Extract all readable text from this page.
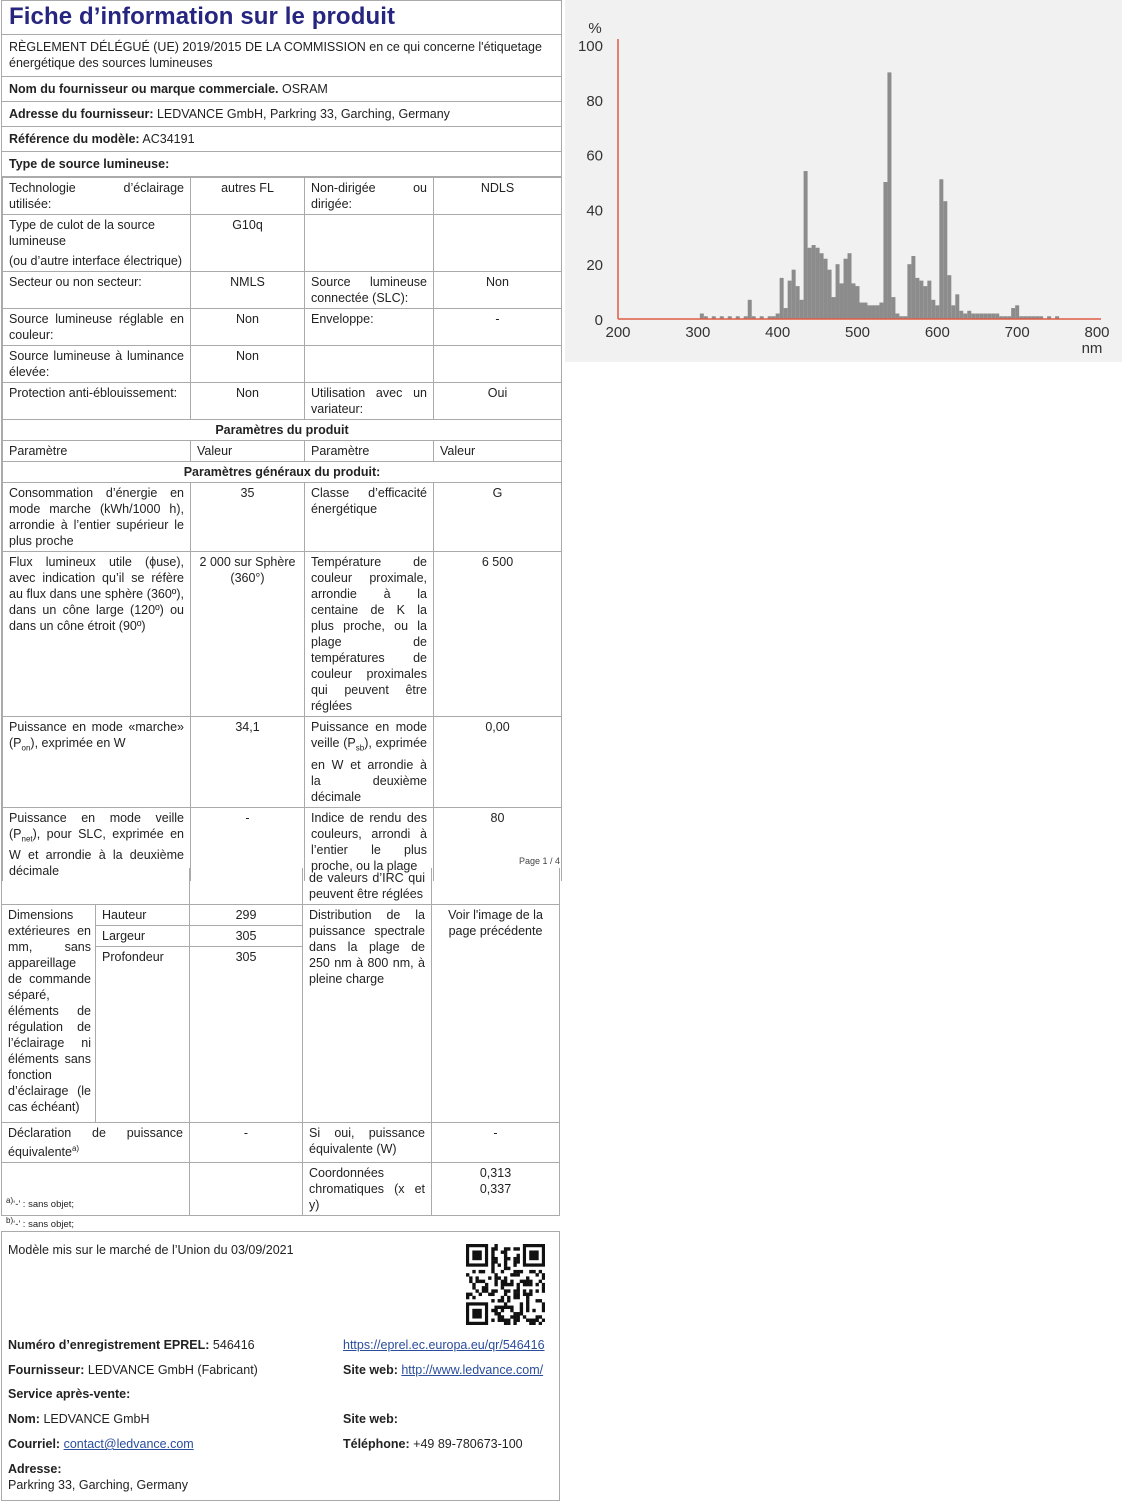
Fiche d’information sur le produit
RÈGLEMENT DÉLÉGUÉ (UE) 2019/2015 DE LA COMMISSION en ce qui concerne l'étiquetage énergétique des sources lumineuses
Nom du fournisseur ou marque commerciale. OSRAM
Adresse du fournisseur: LEDVANCE GmbH, Parkring 33, Garching, Germany
Référence du modèle: AC34191
Type de source lumineuse:
Technologie d’éclairage utilisée:	autres FL	Non-dirigée ou dirigée:	NDLS

Type de culot de la source lumineuse
(ou d’autre interface électrique)	G10q		
Secteur ou non secteur:	NMLS	Source lumineuse connectée (SLC):	Non
Source lumineuse réglable en couleur:	Non	Enveloppe:	-
Source lumineuse à luminance élevée:	Non		
Protection anti-éblouissement:	Non	Utilisation avec un variateur:	Oui
Paramètres du produit			
Paramètre	Valeur	Paramètre	Valeur
Paramètres généraux du produit:			
Consommation d’énergie en mode marche (kWh/1000 h), arrondie à l’entier supérieur le plus proche	35	Classe d’efficacité énergétique	G
Flux lumineux utile (ϕuse), avec indication qu’il se réfère au flux dans une sphère (360º), dans un cône large (120º) ou dans un cône étroit (90º)	2 000 sur Sphère (360°)	Température de couleur proximale, arrondie à la centaine de K la plus proche, ou la plage de températures de couleur proximales qui peuvent être réglées	6 500
Puissance en mode «marche» $(P_{on})$, exprimée en W	34,1	Puissance en mode veille $(P_{sb})$, exprimée en W et arrondie à la deuxième décimale	0,00
Puissance en mode veille $(P_{net})$, pour SLC, exprimée en W et arrondie à la deuxième décimale	-	Indice de rendu des couleurs, arrondi à l’entier le plus proche, ou la plage	80
0
20
40
60
80
100
200	300	400	500	600	700	800
%
nm
Page 1 / 4
			de valeurs d’IRC qui peuvent être réglées	
Dimensions extérieures en mm, sans appareillage de commande séparé, éléments de régulation de l’éclairage ni éléments sans fonction d’éclairage (le cas échéant)	Hauteur	299	Distribution de la puissance spectrale dans la plage de 250 nm à 800 nm, à pleine charge	Voir l'image de la page précédente
	Largeur	305		
	Profondeur	305		
Déclaration de puissance équivalente$^{a)}$		-	Si oui, puissance équivalente (W)	-
			Coordonnées chromatiques (x et y)	0,313
0,337
$^{a)}$‘-’ : sans objet;
$^{b)}$‘-’ : sans objet;
Modèle mis sur le marché de l’Union du 03/09/2021
Numéro d’enregistrement EPREL: 546416	https://eprel.ec.europa.eu/qr/546416
Fournisseur: LEDVANCE GmbH (Fabricant)	Site web: http://www.ledvance.com/
Service après-vente:
Nom: LEDVANCE GmbH	Site web:
Courriel: contact@ledvance.com	Téléphone: +49 89-780673-100
Adresse:
Parkring 33, Garching, Germany
